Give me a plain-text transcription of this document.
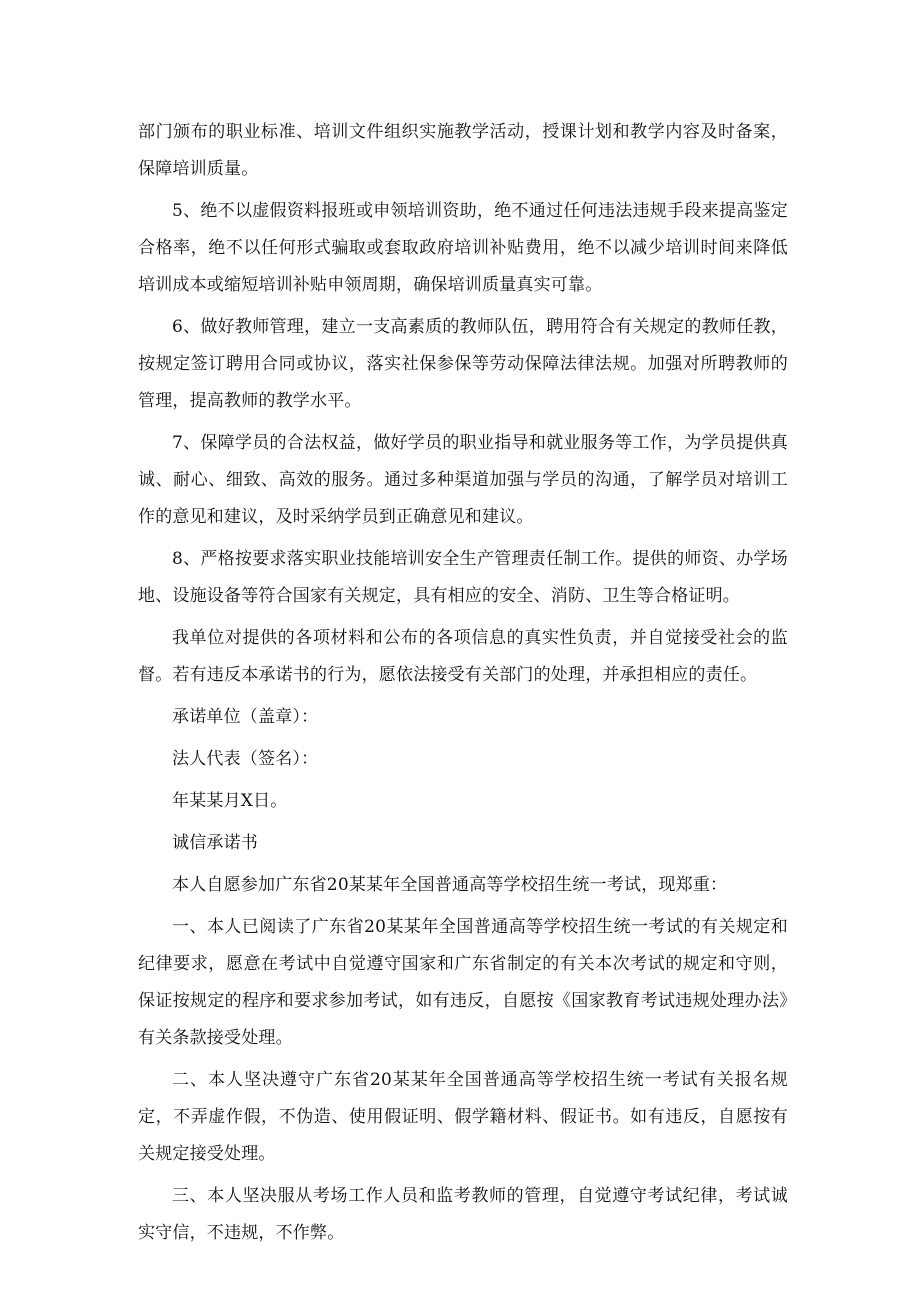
部门颁布的职业标准、培训文件组织实施教学活动，授课计划和教学内容及时备案，保障培训质量。

5、绝不以虚假资料报班或申领培训资助，绝不通过任何违法违规手段来提高鉴定合格率，绝不以任何形式骗取或套取政府培训补贴费用，绝不以减少培训时间来降低培训成本或缩短培训补贴申领周期，确保培训质量真实可靠。

6、做好教师管理，建立一支高素质的教师队伍，聘用符合有关规定的教师任教，按规定签订聘用合同或协议，落实社保参保等劳动保障法律法规。加强对所聘教师的管理，提高教师的教学水平。

7、保障学员的合法权益，做好学员的职业指导和就业服务等工作，为学员提供真诚、耐心、细致、高效的服务。通过多种渠道加强与学员的沟通，了解学员对培训工作的意见和建议，及时采纳学员到正确意见和建议。

8、严格按要求落实职业技能培训安全生产管理责任制工作。提供的师资、办学场地、设施设备等符合国家有关规定，具有相应的安全、消防、卫生等合格证明。

我单位对提供的各项材料和公布的各项信息的真实性负责，并自觉接受社会的监督。若有违反本承诺书的行为，愿依法接受有关部门的处理，并承担相应的责任。

承诺单位（盖章）：

法人代表（签名）：

年某某月X日。

诚信承诺书

本人自愿参加广东省20某某年全国普通高等学校招生统一考试，现郑重：

一、本人已阅读了广东省20某某年全国普通高等学校招生统一考试的有关规定和纪律要求，愿意在考试中自觉遵守国家和广东省制定的有关本次考试的规定和守则，保证按规定的程序和要求参加考试，如有违反，自愿按《国家教育考试违规处理办法》有关条款接受处理。

二、本人坚决遵守广东省20某某年全国普通高等学校招生统一考试有关报名规定，不弄虚作假，不伪造、使用假证明、假学籍材料、假证书。如有违反，自愿按有关规定接受处理。

三、本人坚决服从考场工作人员和监考教师的管理，自觉遵守考试纪律，考试诚实守信，不违规，不作弊。
